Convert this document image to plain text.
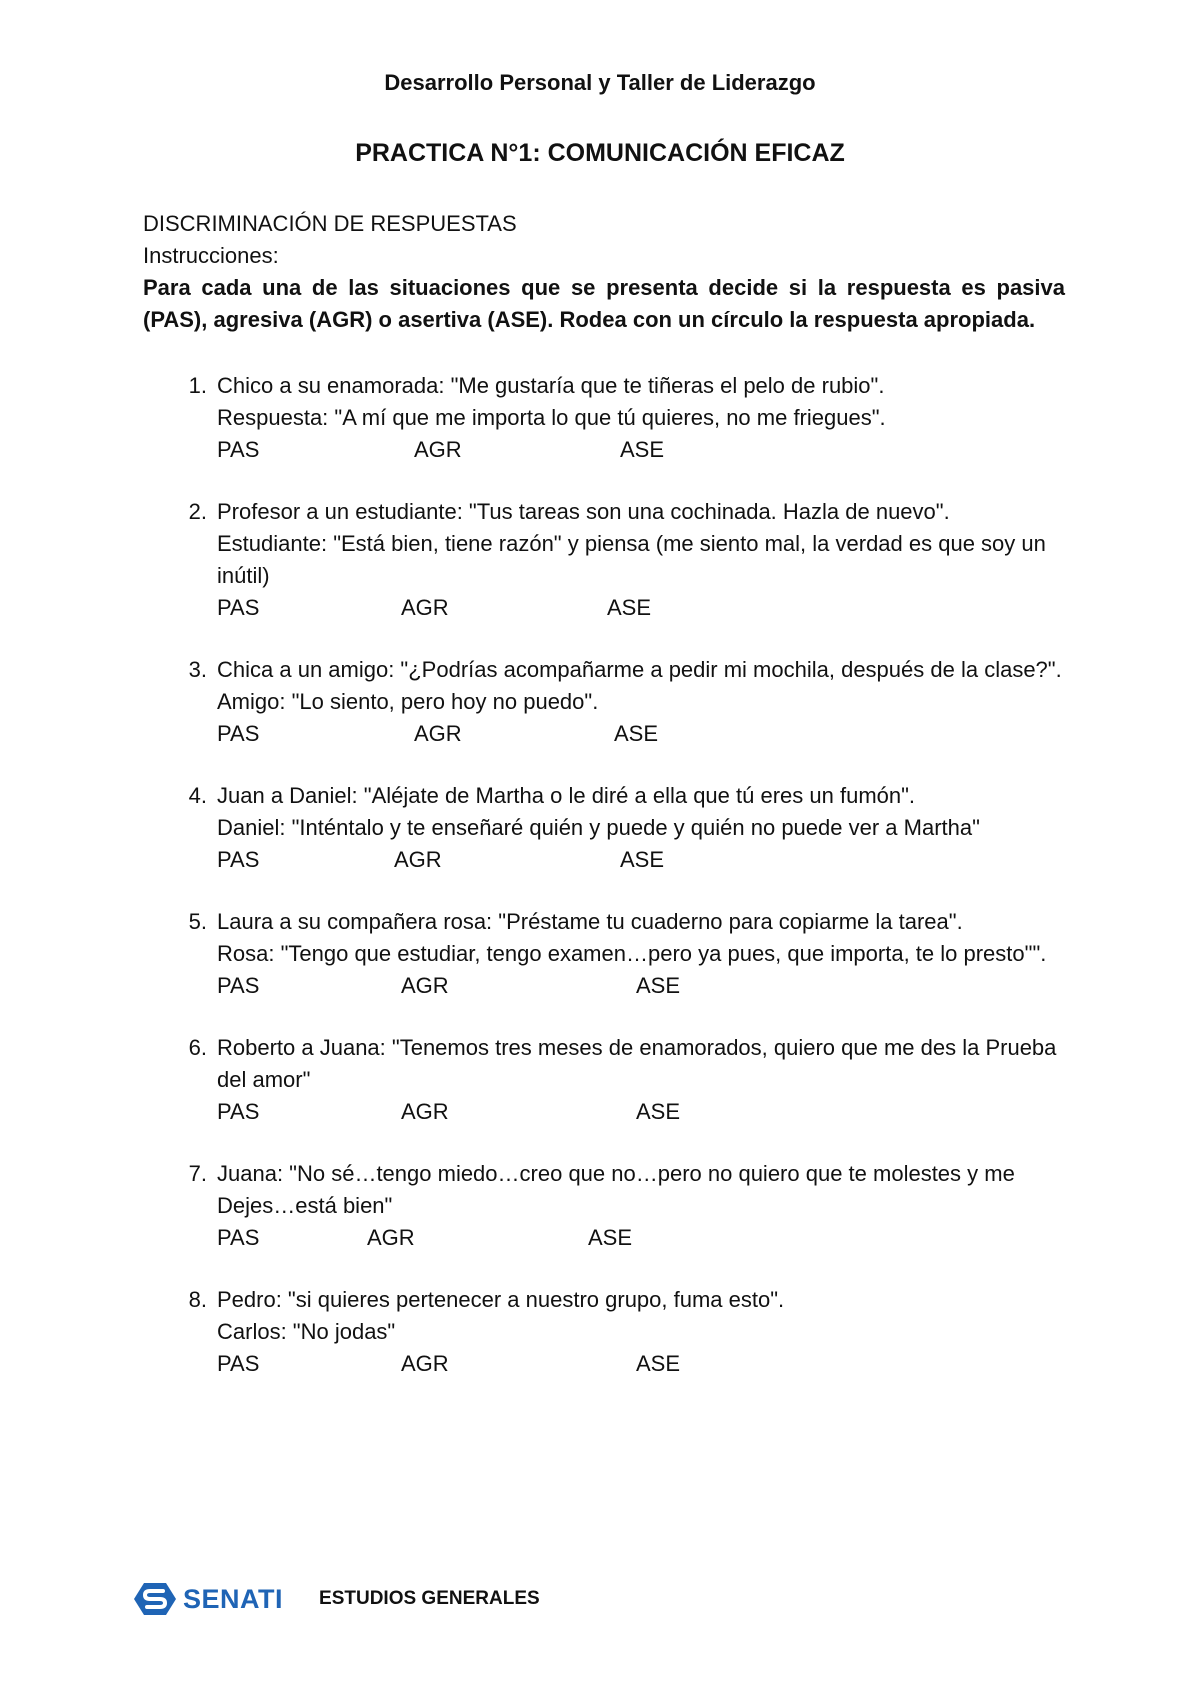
Desarrollo Personal y Taller de Liderazgo
PRACTICA N°1: COMUNICACIÓN EFICAZ

DISCRIMINACIÓN DE RESPUESTAS

Instrucciones:

Para cada una de las situaciones que se presenta decide si la respuesta es pasiva (PAS), agresiva (AGR) o asertiva (ASE). Rodea con un círculo la respuesta apropiada.

1. Chico a su enamorada: "Me gustaría que te tiñeras el pelo de rubio".

Respuesta: "A mí que me importa lo que tú quieres, no me friegues".

PAS	AGR	ASE
2. Profesor a un estudiante: "Tus tareas son una cochinada. Hazla de nuevo".

Estudiante: "Está bien, tiene razón" y piensa (me siento mal, la verdad es que soy un inútil)

PAS	AGR	ASE
3. Chica a un amigo: "¿Podrías acompañarme a pedir mi mochila, después de la clase?".

Amigo: "Lo siento, pero hoy no puedo".

PAS	AGR	ASE
4. Juan a Daniel: "Aléjate de Martha o le diré a ella que tú eres un fumón".

Daniel: "Inténtalo y te enseñaré quién y puede y quién no puede ver a Martha"

PAS	AGR	ASE
5. Laura a su compañera rosa: "Préstame tu cuaderno para copiarme la tarea".

Rosa: "Tengo que estudiar, tengo examen…pero ya pues, que importa, te lo presto"".

PAS	AGR	ASE
6. Roberto a Juana: "Tenemos tres meses de enamorados, quiero que me des la Prueba del amor"

PAS	AGR	ASE
7. Juana: "No sé…tengo miedo…creo que no…pero no quiero que te molestes y me

Dejes…está bien"

PAS	AGR	ASE
8. Pedro: "si quieres pertenecer a nuestro grupo, fuma esto".

Carlos: "No jodas"

PAS	AGR	ASE
SENATI ESTUDIOS GENERALES
